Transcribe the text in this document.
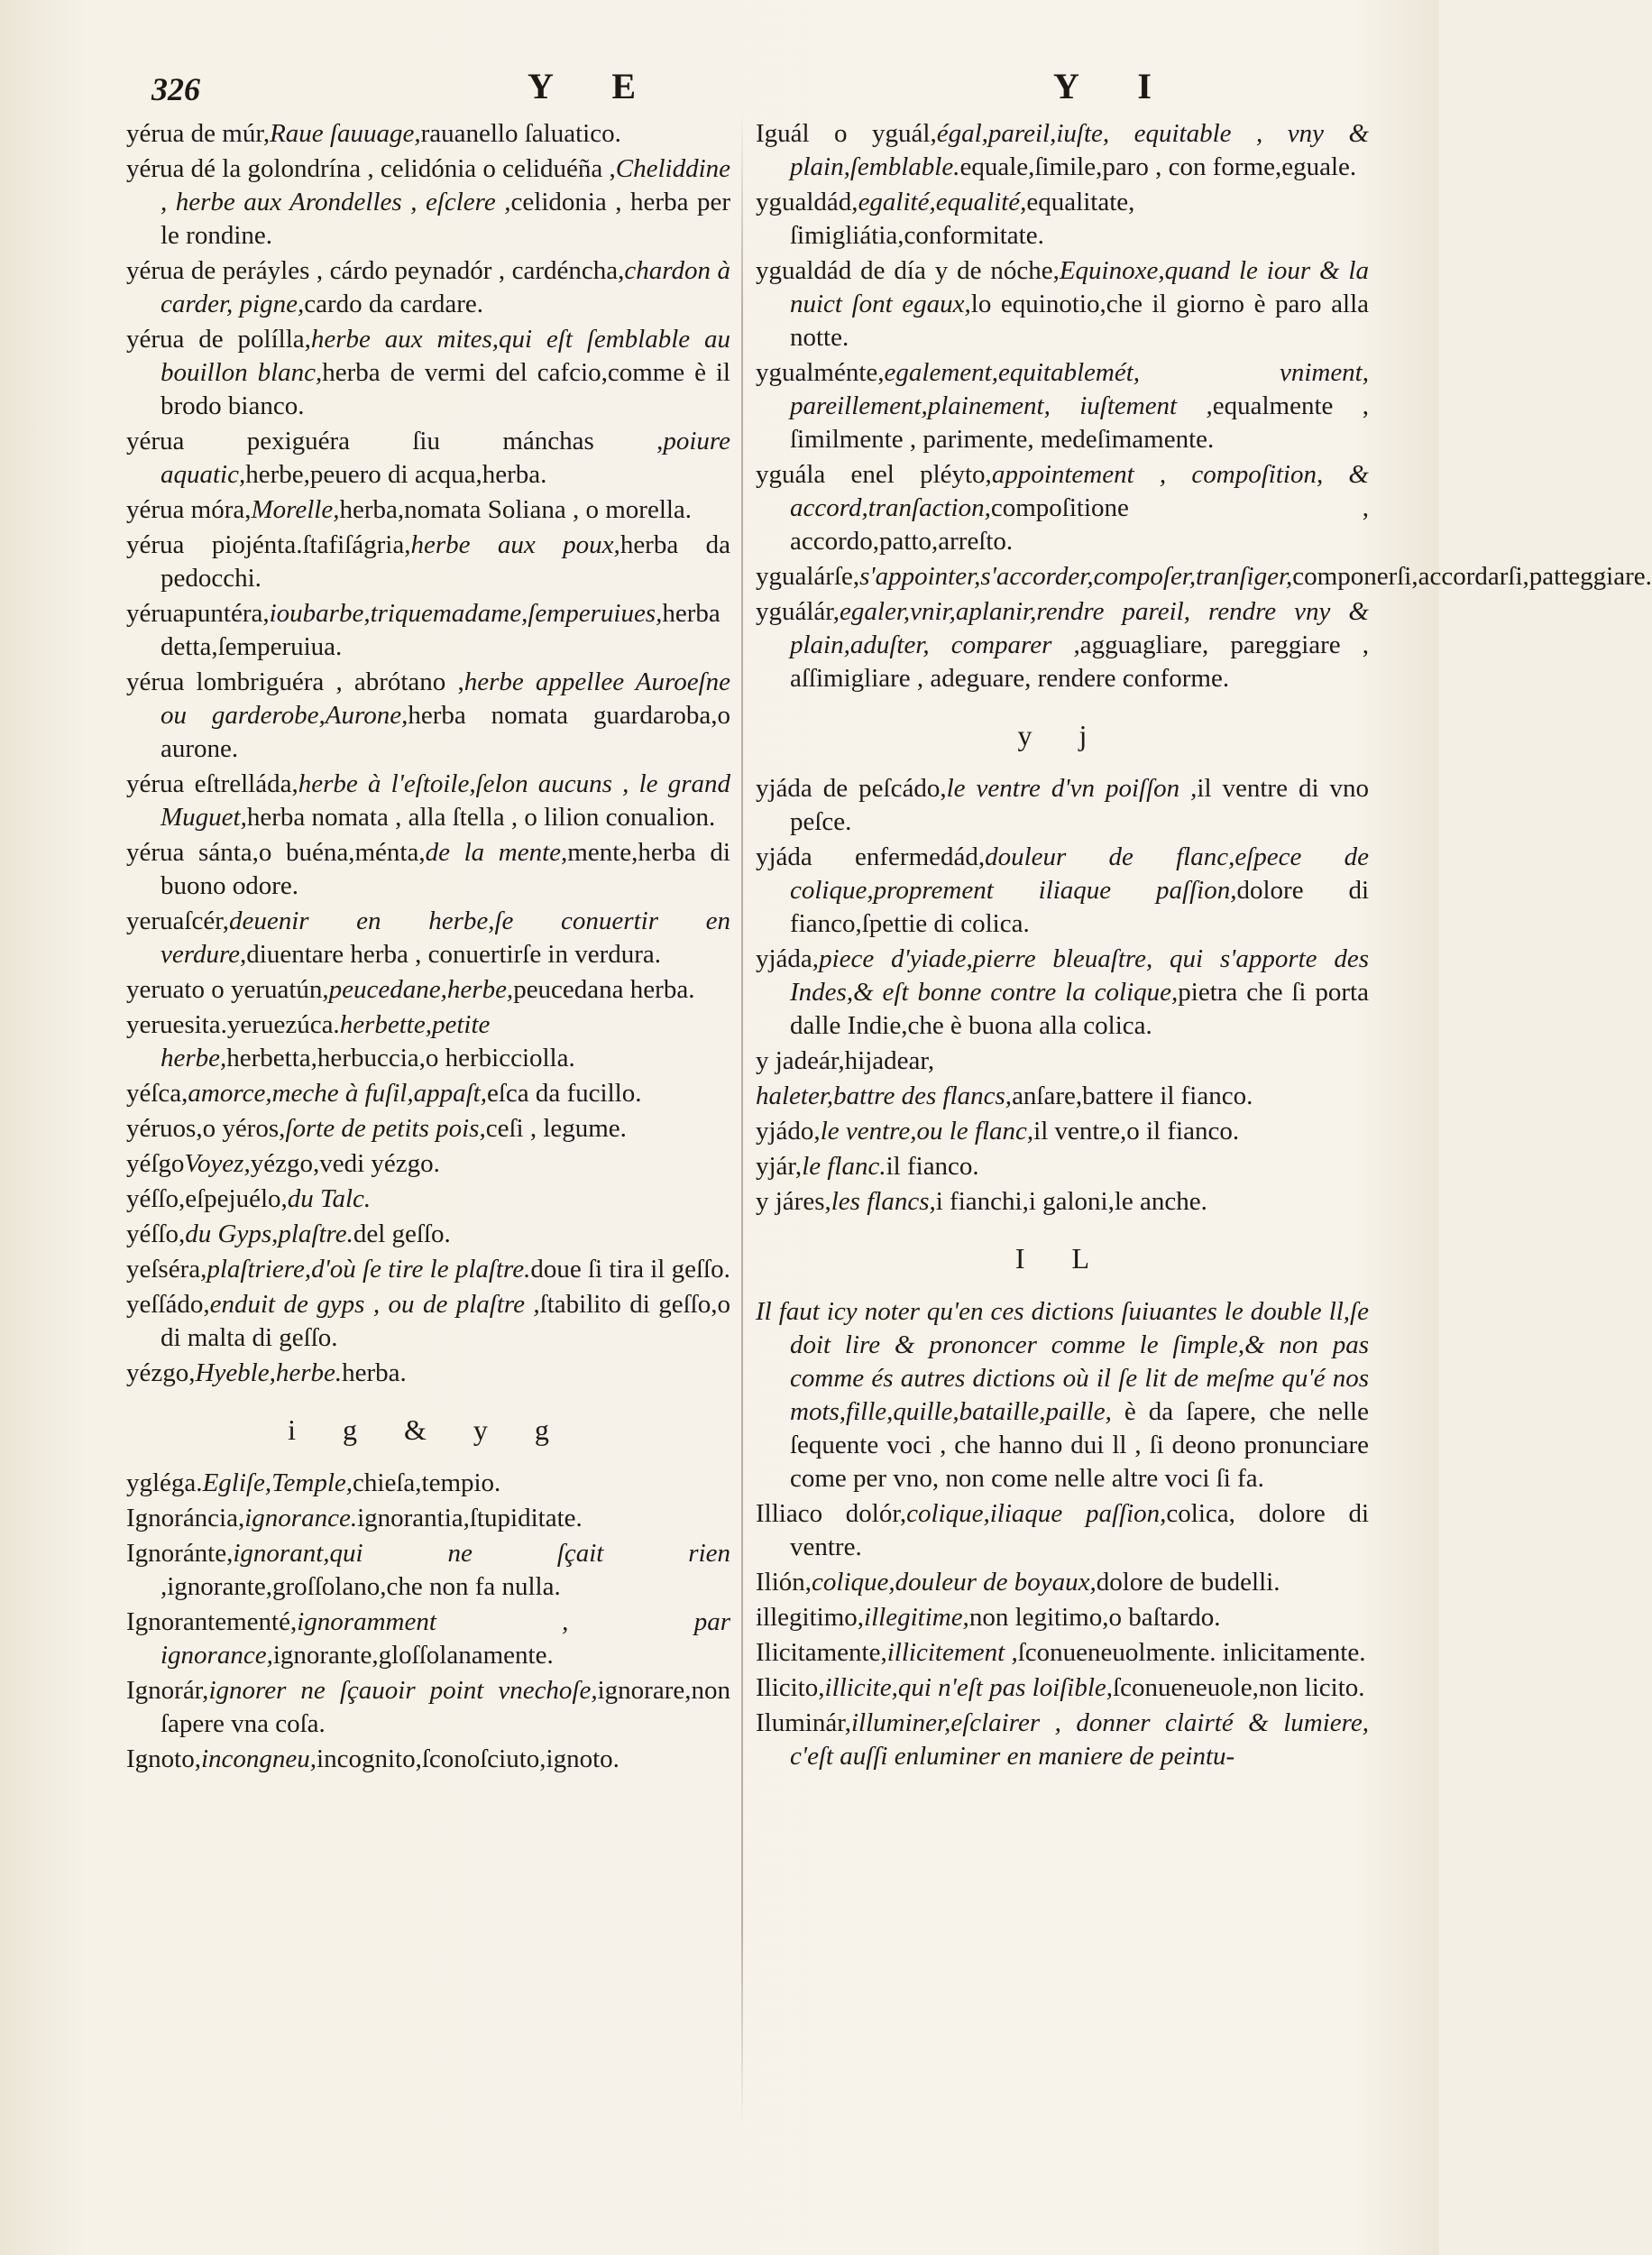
326	Y E	Y I

yérua de múr,Raue ſauuage,rauanello ſaluatico.

yérua dé la golondrína , celidónia o celiduéña ,Cheliddine , herbe aux Arondelles , eſclere ,celidonia , herba per le rondine.

yérua de peráyles , cárdo peynadór , cardéncha,chardon à carder, pigne,cardo da cardare.

yérua de polílla,herbe aux mites,qui eſt ſemblable au bouillon blanc,herba de vermi del cafcio,comme è il brodo bianco.

yérua pexiguéra ſiu mánchas ,poiure aquatic,herbe,peuero di acqua,herba.

yérua móra,Morelle,herba,nomata Soliana , o morella.

yérua piojénta.ſtafiſágria,herbe aux poux,herba da pedocchi.

yéruapuntéra,ioubarbe,triquemadame,ſemperuiues,herba detta,ſemperuiua.

yérua lombriguéra , abrótano ,herbe appellee Auroeſne ou garderobe,Aurone,herba nomata guardaroba,o aurone.

yérua eſtrelláda,herbe à l'eſtoile,ſelon aucuns , le grand Muguet,herba nomata , alla ſtella , o lilion conualion.

yérua sánta,o buéna,ménta,de la mente,mente,herba di buono odore.

yeruaſcér,deuenir en herbe,ſe conuertir en verdure,diuentare herba , conuertirſe in verdura.

yeruato o yeruatún,peucedane,herbe,peucedana herba.

yeruesita.yeruezúca.herbette,petite herbe,herbetta,herbuccia,o herbicciolla.

yéſca,amorce,meche à fuſil,appaſt,eſca da fucillo.

yéruos,o yéros,ſorte de petits pois,ceſi , legume.

yéſgoVoyez,yézgo,vedi yézgo.

yéſſo,eſpejuélo,du Talc.

yéſſo,du Gyps,plaſtre.del geſſo.

yeſséra,plaſtriere,d'où ſe tire le plaſtre.doue ſi tira il geſſo.

yeſſádo,enduit de gyps , ou de plaſtre ,ſtabilito di geſſo,o di malta di geſſo.

yézgo,Hyeble,herbe.herba.

i g & y g

ygléga.Egliſe,Temple,chieſa,tempio.

Ignoráncia,ignorance.ignorantia,ſtupiditate.

Ignoránte,ignorant,qui ne ſçait rien ,ignorante,groſſolano,che non fa nulla.

Ignorantementé,ignoramment , par ignorance,ignorante,gloſſolanamente.

Ignorár,ignorer ne ſçauoir point vnechoſe,ignorare,non ſapere vna coſa.

Ignoto,incongneu,incognito,ſconoſciuto,ignoto.

Iguál o yguál,égal,pareil,iuſte, equitable , vny & plain,ſemblable.equale,ſimile,paro , con forme,eguale.

ygualdád,egalité,equalité,equalitate, ſimigliátia,conformitate.

ygualdád de día y de nóche,Equinoxe,quand le iour & la nuict ſont egaux,lo equinotio,che il giorno è paro alla notte.

ygualménte,egalement,equitablemét, vniment, pareillement,plainement, iuſtement ,equalmente , ſimilmente , parimente, medeſimamente.

yguála enel pléyto,appointement , compoſition, & accord,tranſaction,compoſitione , accordo,patto,arreſto.

ygualárſe,s'appointer,s'accorder,compoſer,tranſiger,componerſi,accordarſi,patteggiare.

yguálár,egaler,vnir,aplanir,rendre pareil, rendre vny & plain,aduſter, comparer ,agguagliare, pareggiare , aſſimigliare , adeguare, rendere conforme.

y j

yjáda de peſcádo,le ventre d'vn poiſſon ,il ventre di vno peſce.

yjáda enfermedád,douleur de flanc,eſpece de colique,proprement iliaque paſſion,dolore di fianco,ſpettie di colica.

yjáda,piece d'yiade,pierre bleuaſtre, qui s'apporte des Indes,& eſt bonne contre la colique,pietra che ſi porta dalle Indie,che è buona alla colica.

y jadeár,hijadear,

haleter,battre des flancs,anſare,battere il fianco.

yjádo,le ventre,ou le flanc,il ventre,o il fianco.

yjár,le flanc.il fianco.

y járes,les flancs,i fianchi,i galoni,le anche.

I L

Il faut icy noter qu'en ces dictions ſuiuantes le double ll,ſe doit lire & prononcer comme le ſimple,& non pas comme és autres dictions où il ſe lit de meſme qu'é nos mots,fille,quille,bataille,paille, è da ſapere, che nelle ſequente voci , che hanno dui ll , ſi deono pronunciare come per vno, non come nelle altre voci ſi fa.

Illiaco dolór,colique,iliaque paſſion,colica, dolore di ventre.

Ilión,colique,douleur de boyaux,dolore de budelli.

illegitimo,illegitime,non legitimo,o baſtardo.

Ilicitamente,illicitement ,ſconueneuolmente. inlicitamente.

Ilicito,illicite,qui n'eſt pas loiſible,ſconueneuole,non licito.

Iluminár,illuminer,eſclairer , donner clairté & lumiere, c'eſt auſſi enluminer en maniere de peintu-
